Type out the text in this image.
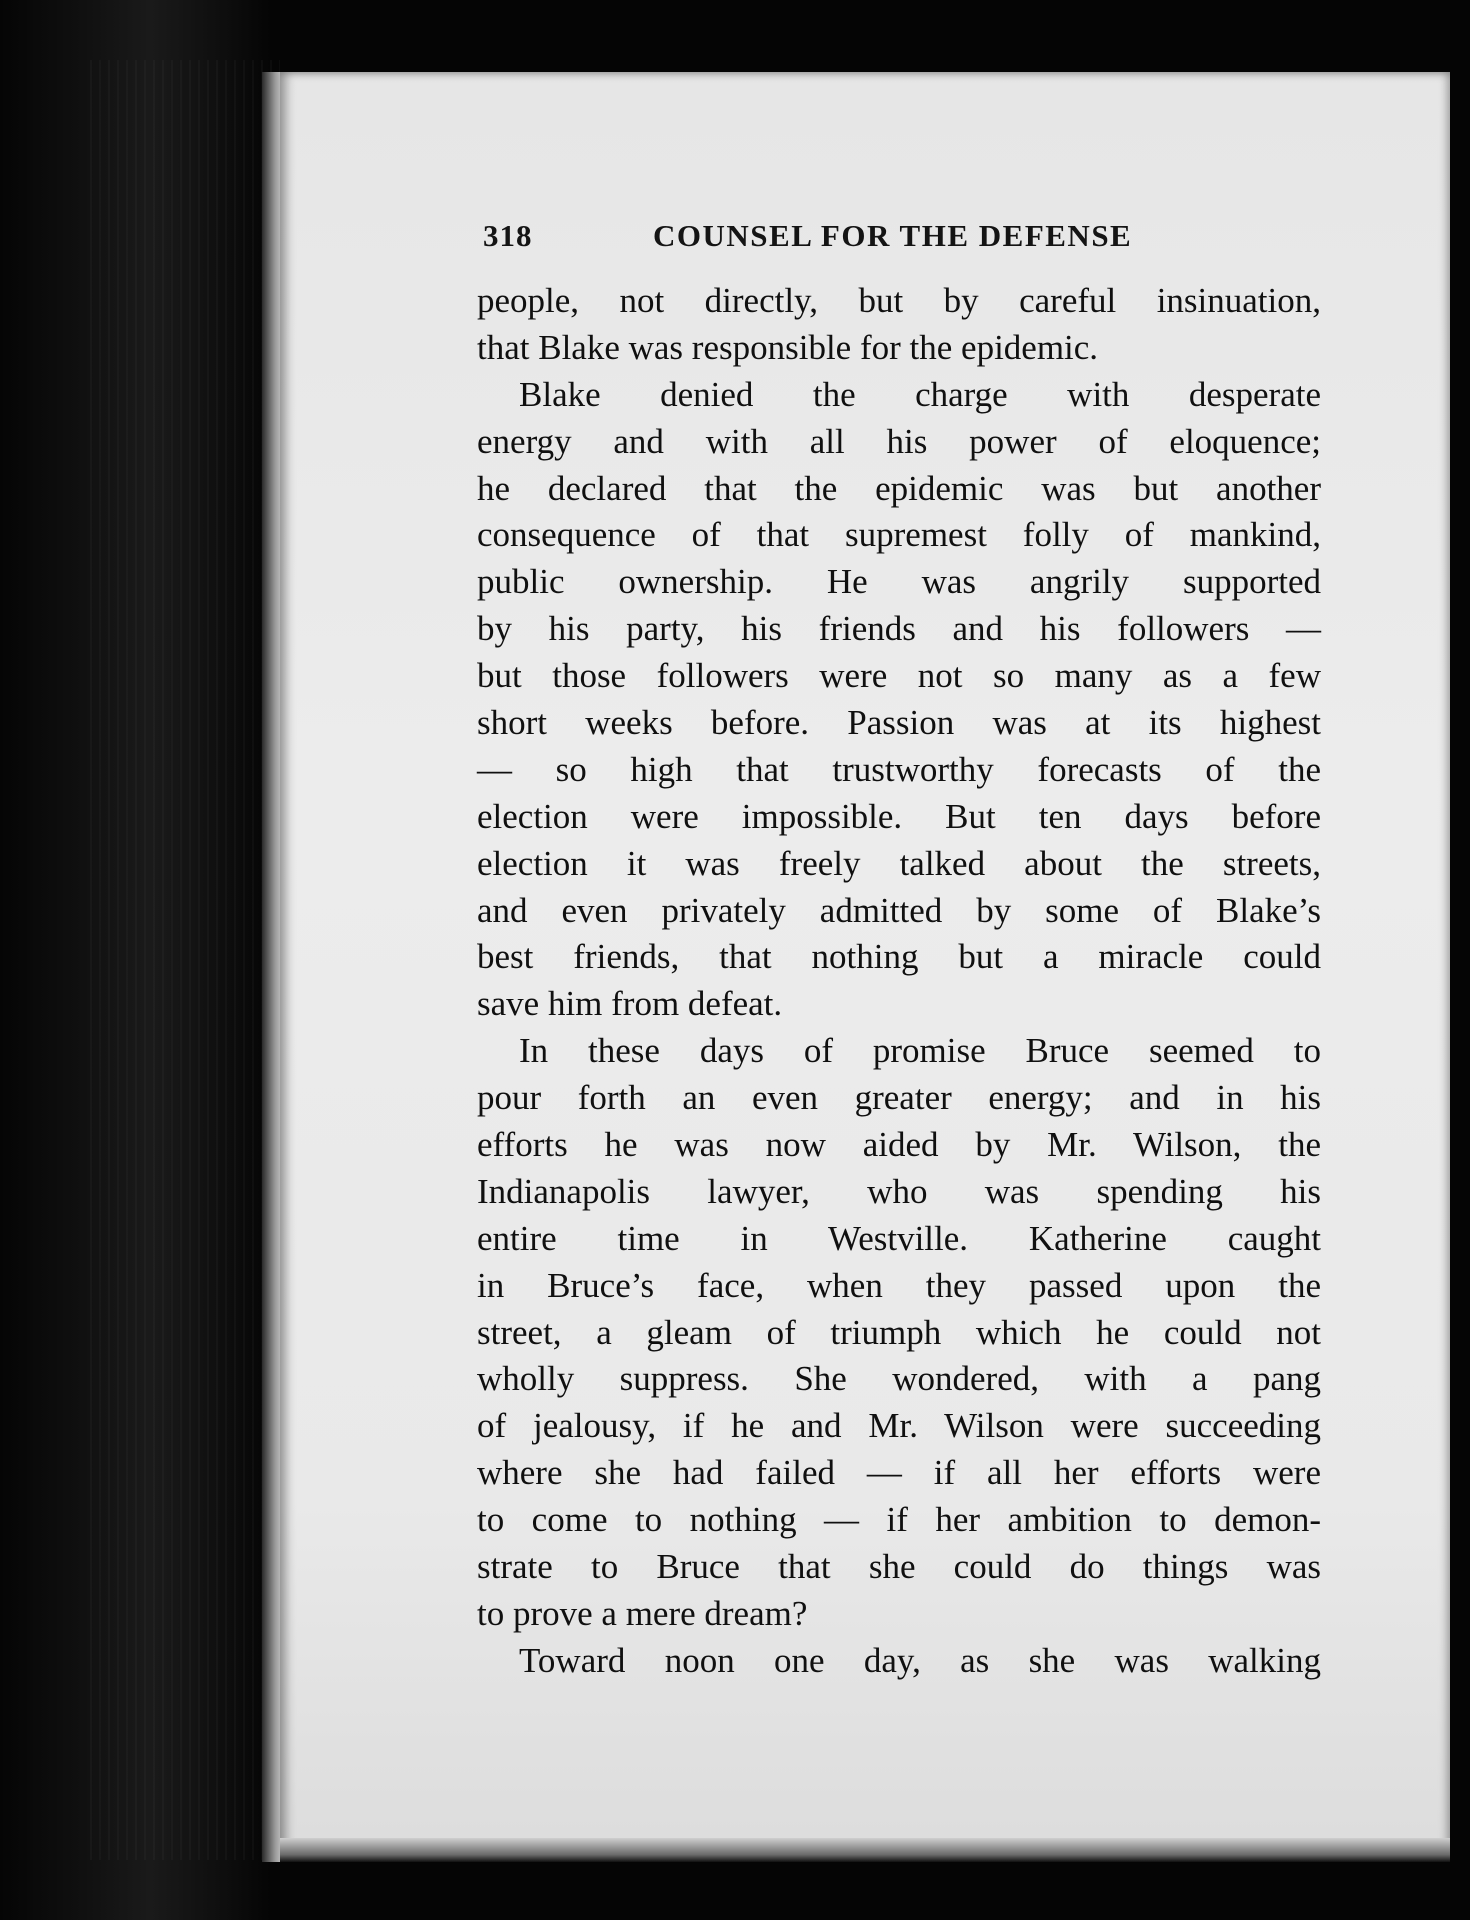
318	COUNSEL FOR THE DEFENSE
people, not directly, but by careful insinuation,
that Blake was responsible for the epidemic.
Blake denied the charge with desperate
energy and with all his power of eloquence;
he declared that the epidemic was but another
consequence of that supremest folly of mankind,
public ownership. He was angrily supported
by his party, his friends and his followers —
but those followers were not so many as a few
short weeks before. Passion was at its highest
— so high that trustworthy forecasts of the
election were impossible. But ten days before
election it was freely talked about the streets,
and even privately admitted by some of Blake’s
best friends, that nothing but a miracle could
save him from defeat.
In these days of promise Bruce seemed to
pour forth an even greater energy; and in his
efforts he was now aided by Mr. Wilson, the
Indianapolis lawyer, who was spending his
entire time in Westville. Katherine caught
in Bruce’s face, when they passed upon the
street, a gleam of triumph which he could not
wholly suppress. She wondered, with a pang
of jealousy, if he and Mr. Wilson were succeeding
where she had failed — if all her efforts were
to come to nothing — if her ambition to demon-
strate to Bruce that she could do things was
to prove a mere dream?
Toward noon one day, as she was walking
